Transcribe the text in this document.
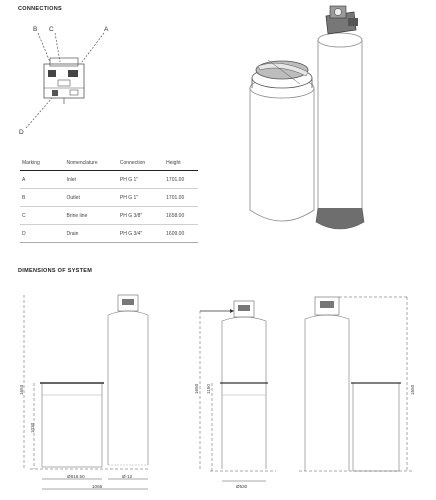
CONNECTIONS
B C	A
D
Marking	Nomenclature	Connection	Height
A	Inlet	PH G 1"	1701.00
B	Outlet	PH G 1"	1701.00
C	Brine line	PH G 3/8"	1658.00
D	Drain	PH G 3/4"	1609.00
DIMENSIONS OF SYSTEM
1653
1030
Ø818.50	Ø-12
1065
1650 1150
Ø530
1650
